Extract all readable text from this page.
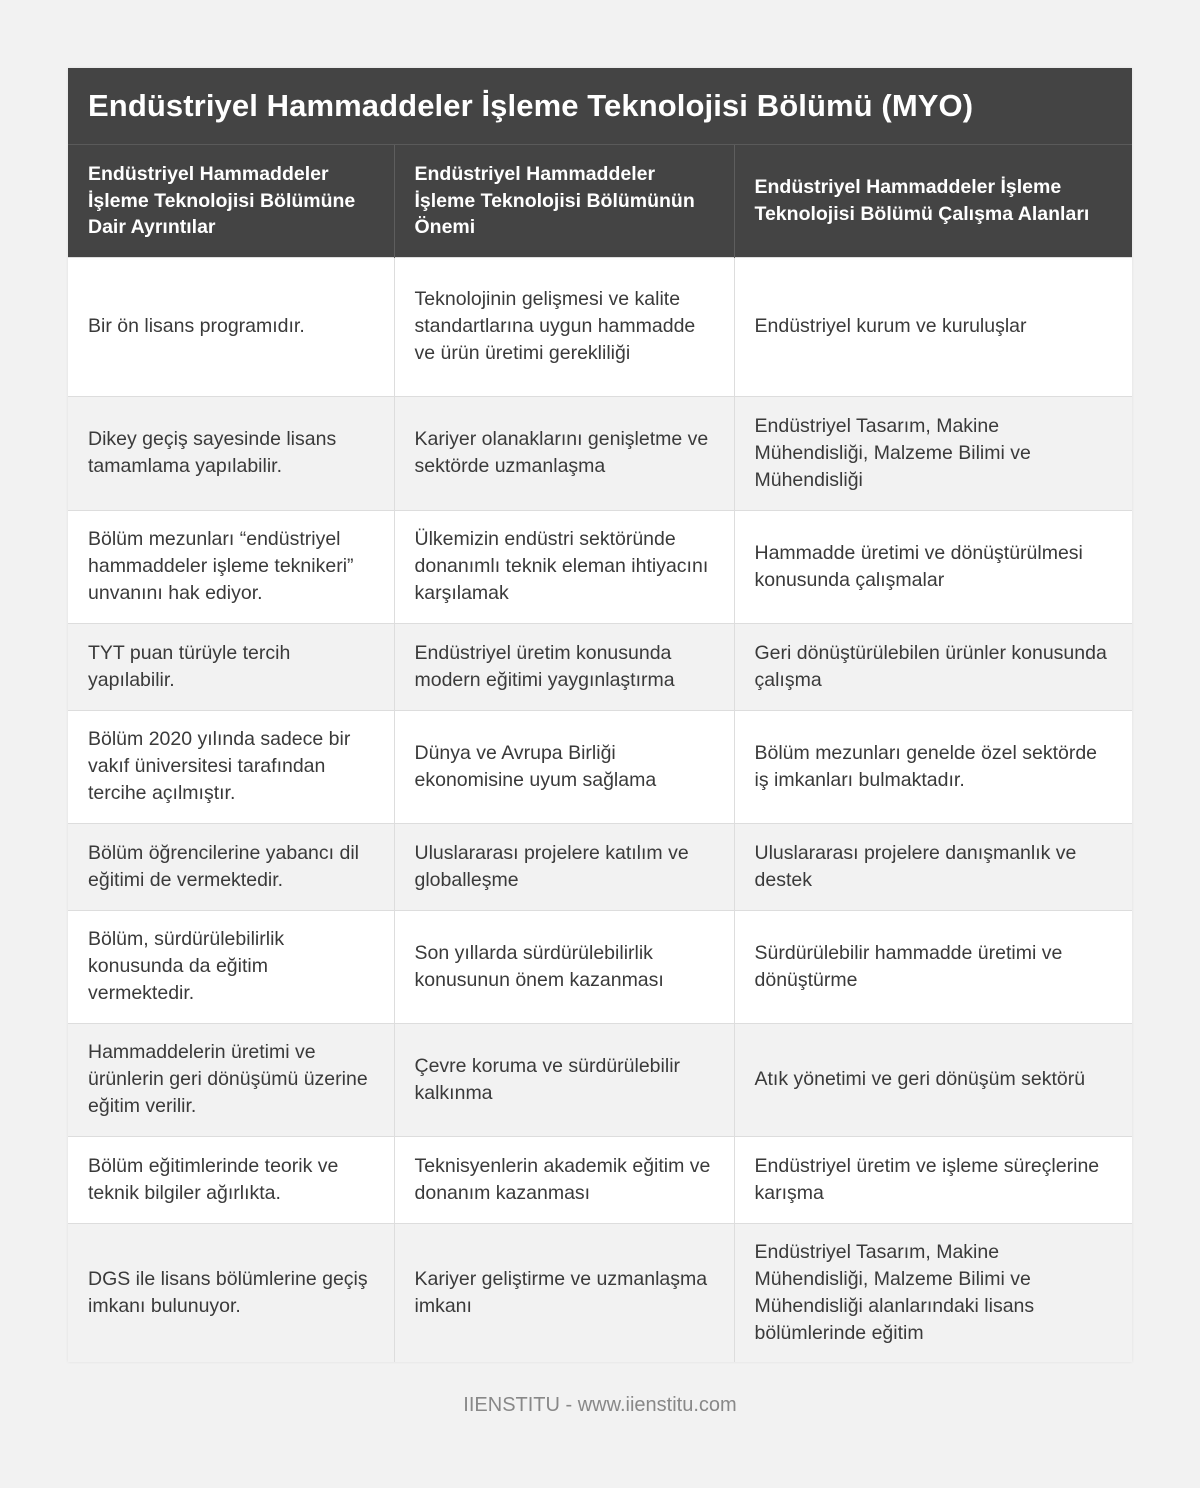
Endüstriyel Hammaddeler İşleme Teknolojisi Bölümü (MYO)
Endüstriyel Hammaddeler İşleme Teknolojisi Bölümüne Dair Ayrıntılar	Endüstriyel Hammaddeler İşleme Teknolojisi Bölümünün Önemi	Endüstriyel Hammaddeler İşleme Teknolojisi Bölümü Çalışma Alanları
Bir ön lisans programıdır.	Teknolojinin gelişmesi ve kalite standartlarına uygun hammadde ve ürün üretimi gerekliliği	Endüstriyel kurum ve kuruluşlar
Dikey geçiş sayesinde lisans tamamlama yapılabilir.	Kariyer olanaklarını genişletme ve sektörde uzmanlaşma	Endüstriyel Tasarım, Makine Mühendisliği, Malzeme Bilimi ve Mühendisliği
Bölüm mezunları “endüstriyel hammaddeler işleme teknikeri” unvanını hak ediyor.	Ülkemizin endüstri sektöründe donanımlı teknik eleman ihtiyacını karşılamak	Hammadde üretimi ve dönüştürülmesi konusunda çalışmalar
TYT puan türüyle tercih yapılabilir.	Endüstriyel üretim konusunda modern eğitimi yaygınlaştırma	Geri dönüştürülebilen ürünler konusunda çalışma
Bölüm 2020 yılında sadece bir vakıf üniversitesi tarafından tercihe açılmıştır.	Dünya ve Avrupa Birliği ekonomisine uyum sağlama	Bölüm mezunları genelde özel sektörde iş imkanları bulmaktadır.
Bölüm öğrencilerine yabancı dil eğitimi de vermektedir.	Uluslararası projelere katılım ve globalleşme	Uluslararası projelere danışmanlık ve destek
Bölüm, sürdürülebilirlik konusunda da eğitim vermektedir.	Son yıllarda sürdürülebilirlik konusunun önem kazanması	Sürdürülebilir hammadde üretimi ve dönüştürme
Hammaddelerin üretimi ve ürünlerin geri dönüşümü üzerine eğitim verilir.	Çevre koruma ve sürdürülebilir kalkınma	Atık yönetimi ve geri dönüşüm sektörü
Bölüm eğitimlerinde teorik ve teknik bilgiler ağırlıkta.	Teknisyenlerin akademik eğitim ve donanım kazanması	Endüstriyel üretim ve işleme süreçlerine karışma
DGS ile lisans bölümlerine geçiş imkanı bulunuyor.	Kariyer geliştirme ve uzmanlaşma imkanı	Endüstriyel Tasarım, Makine Mühendisliği, Malzeme Bilimi ve Mühendisliği alanlarındaki lisans bölümlerinde eğitim
IIENSTITU - www.iienstitu.com
